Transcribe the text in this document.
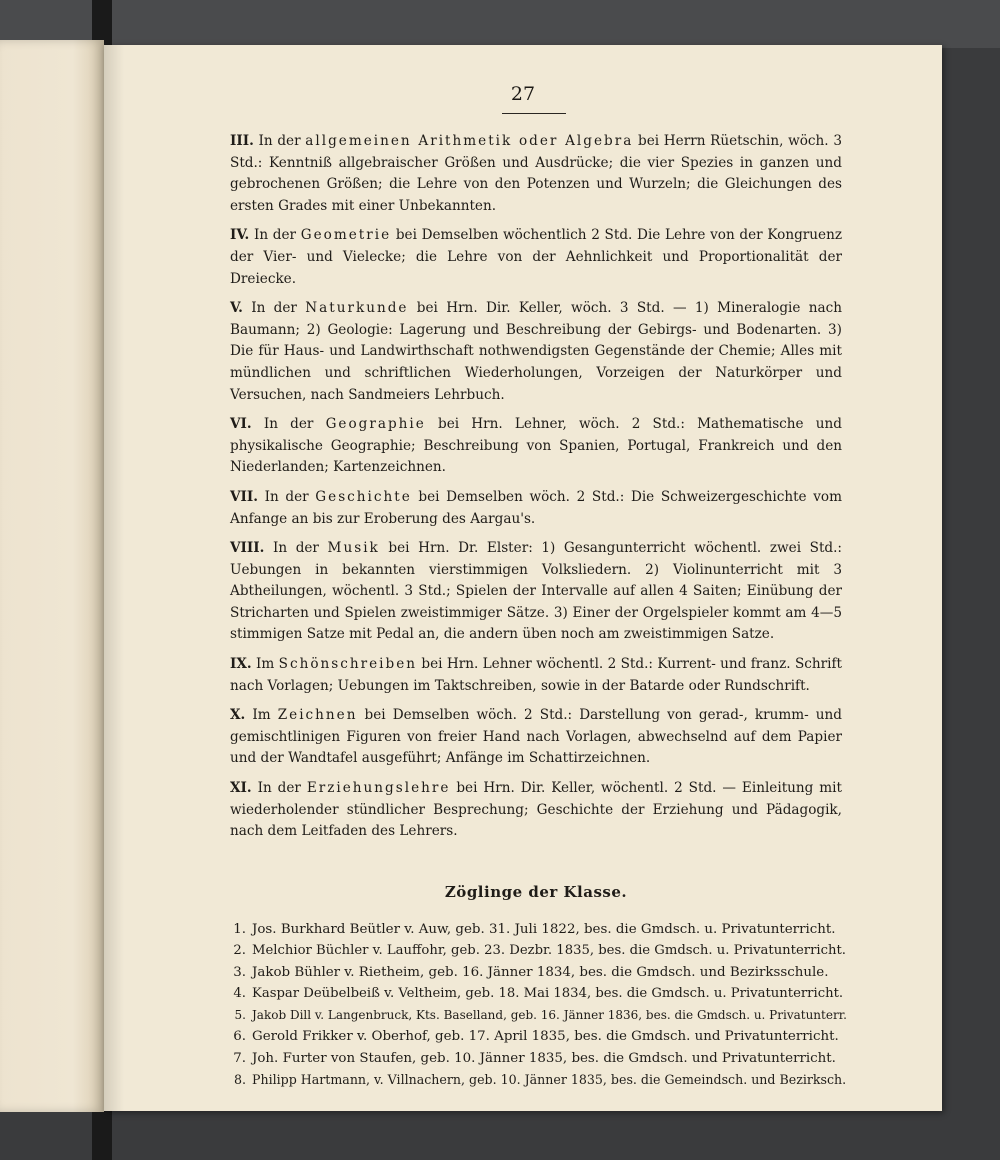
27

III. In der allgemeinen Arithmetik oder Algebra bei Herrn Rüetschin, wöch. 3 Std.: Kenntniß allgebraischer Größen und Ausdrücke; die vier Spezies in ganzen und gebrochenen Größen; die Lehre von den Potenzen und Wurzeln; die Gleichungen des ersten Grades mit einer Unbekannten.

IV. In der Geometrie bei Demselben wöchentlich 2 Std. Die Lehre von der Kongruenz der Vier- und Vielecke; die Lehre von der Aehnlichkeit und Proportionalität der Dreiecke.

V. In der Naturkunde bei Hrn. Dir. Keller, wöch. 3 Std. — 1) Mineralogie nach Baumann; 2) Geologie: Lagerung und Beschreibung der Gebirgs- und Bodenarten. 3) Die für Haus- und Landwirthschaft nothwendigsten Gegenstände der Chemie; Alles mit mündlichen und schriftlichen Wiederholungen, Vorzeigen der Naturkörper und Versuchen, nach Sandmeiers Lehrbuch.

VI. In der Geographie bei Hrn. Lehner, wöch. 2 Std.: Mathematische und physikalische Geographie; Beschreibung von Spanien, Portugal, Frankreich und den Niederlanden; Kartenzeichnen.

VII. In der Geschichte bei Demselben wöch. 2 Std.: Die Schweizergeschichte vom Anfange an bis zur Eroberung des Aargau's.

VIII. In der Musik bei Hrn. Dr. Elster: 1) Gesangunterricht wöchentl. zwei Std.: Uebungen in bekannten vierstimmigen Volksliedern. 2) Violinunterricht mit 3 Abtheilungen, wöchentl. 3 Std.; Spielen der Intervalle auf allen 4 Saiten; Einübung der Stricharten und Spielen zweistimmiger Sätze. 3) Einer der Orgelspieler kommt am 4—5 stimmigen Satze mit Pedal an, die andern üben noch am zweistimmigen Satze.

IX. Im Schönschreiben bei Hrn. Lehner wöchentl. 2 Std.: Kurrent- und franz. Schrift nach Vorlagen; Uebungen im Taktschreiben, sowie in der Batarde oder Rundschrift.

X. Im Zeichnen bei Demselben wöch. 2 Std.: Darstellung von gerad-, krumm- und gemischtlinigen Figuren von freier Hand nach Vorlagen, abwechselnd auf dem Papier und der Wandtafel ausgeführt; Anfänge im Schattirzeichnen.

XI. In der Erziehungslehre bei Hrn. Dir. Keller, wöchentl. 2 Std. — Einleitung mit wiederholender stündlicher Besprechung; Geschichte der Erziehung und Pädagogik, nach dem Leitfaden des Lehrers.

Zöglinge der Klasse.
1. Jos. Burkhard Beütler v. Auw, geb. 31. Juli 1822, bes. die Gmdsch. u. Privatunterricht.
2. Melchior Büchler v. Lauffohr, geb. 23. Dezbr. 1835, bes. die Gmdsch. u. Privatunterricht.
3. Jakob Bühler v. Rietheim, geb. 16. Jänner 1834, bes. die Gmdsch. und Bezirksschule.
4. Kaspar Deübelbeiß v. Veltheim, geb. 18. Mai 1834, bes. die Gmdsch. u. Privatunterricht.
5. Jakob Dill v. Langenbruck, Kts. Baselland, geb. 16. Jänner 1836, bes. die Gmdsch. u. Privatunterr.
6. Gerold Frikker v. Oberhof, geb. 17. April 1835, bes. die Gmdsch. und Privatunterricht.
7. Joh. Furter von Staufen, geb. 10. Jänner 1835, bes. die Gmdsch. und Privatunterricht.
8. Philipp Hartmann, v. Villnachern, geb. 10. Jänner 1835, bes. die Gemeindsch. und Bezirksch.
